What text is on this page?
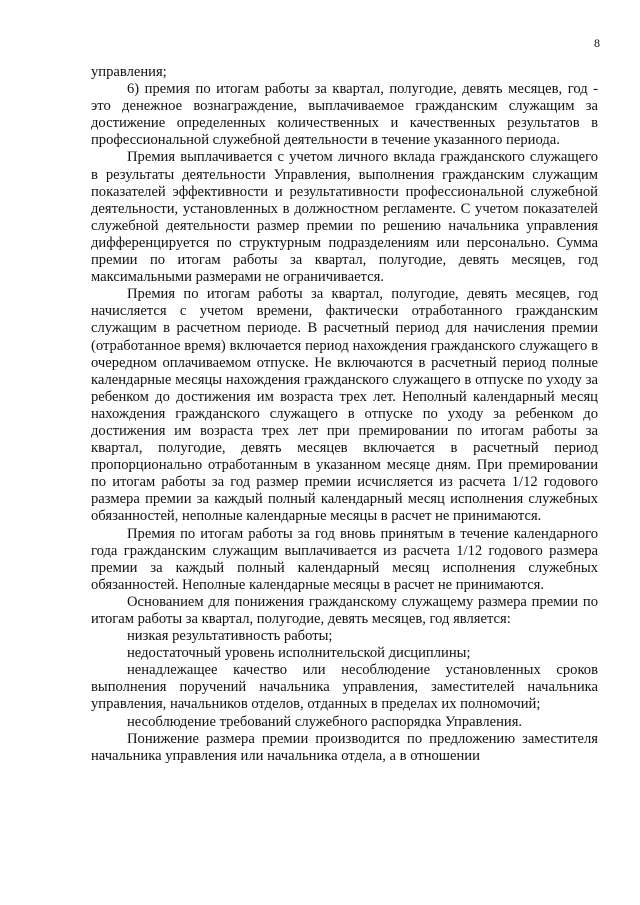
8

управления;

6) премия по итогам работы за квартал, полугодие, девять месяцев, год - это денежное вознаграждение, выплачиваемое гражданским служащим за достижение определенных количественных и качественных результатов в профессиональной служебной деятельности в течение указанного периода.

Премия выплачивается с учетом личного вклада гражданского служащего в результаты деятельности Управления, выполнения гражданским служащим показателей эффективности и результативности профессиональной служебной деятельности, установленных в должностном регламенте. С учетом показателей служебной деятельности размер премии по решению начальника управления дифференцируется по структурным подразделениям или персонально. Сумма премии по итогам работы за квартал, полугодие, девять месяцев, год максимальными размерами не ограничивается.

Премия по итогам работы за квартал, полугодие, девять месяцев, год начисляется с учетом времени, фактически отработанного гражданским служащим в расчетном периоде. В расчетный период для начисления премии (отработанное время) включается период нахождения гражданского служащего в очередном оплачиваемом отпуске. Не включаются в расчетный период полные календарные месяцы нахождения гражданского служащего в отпуске по уходу за ребенком до достижения им возраста трех лет. Неполный календарный месяц нахождения гражданского служащего в отпуске по уходу за ребенком до достижения им возраста трех лет при премировании по итогам работы за квартал, полугодие, девять месяцев включается в расчетный период пропорционально отработанным в указанном месяце дням. При премировании по итогам работы за год размер премии исчисляется из расчета 1/12 годового размера премии за каждый полный календарный месяц исполнения служебных обязанностей, неполные календарные месяцы в расчет не принимаются.

Премия по итогам работы за год вновь принятым в течение календарного года гражданским служащим выплачивается из расчета 1/12 годового размера премии за каждый полный календарный месяц исполнения служебных обязанностей. Неполные календарные месяцы в расчет не принимаются.

Основанием для понижения гражданскому служащему размера премии по итогам работы за квартал, полугодие, девять месяцев, год является:

низкая результативность работы;

недостаточный уровень исполнительской дисциплины;

ненадлежащее качество или несоблюдение установленных сроков выполнения поручений начальника управления, заместителей начальника управления, начальников отделов, отданных в пределах их полномочий;

несоблюдение требований служебного распорядка Управления.

Понижение размера премии производится по предложению заместителя начальника управления или начальника отдела, а в отношении
